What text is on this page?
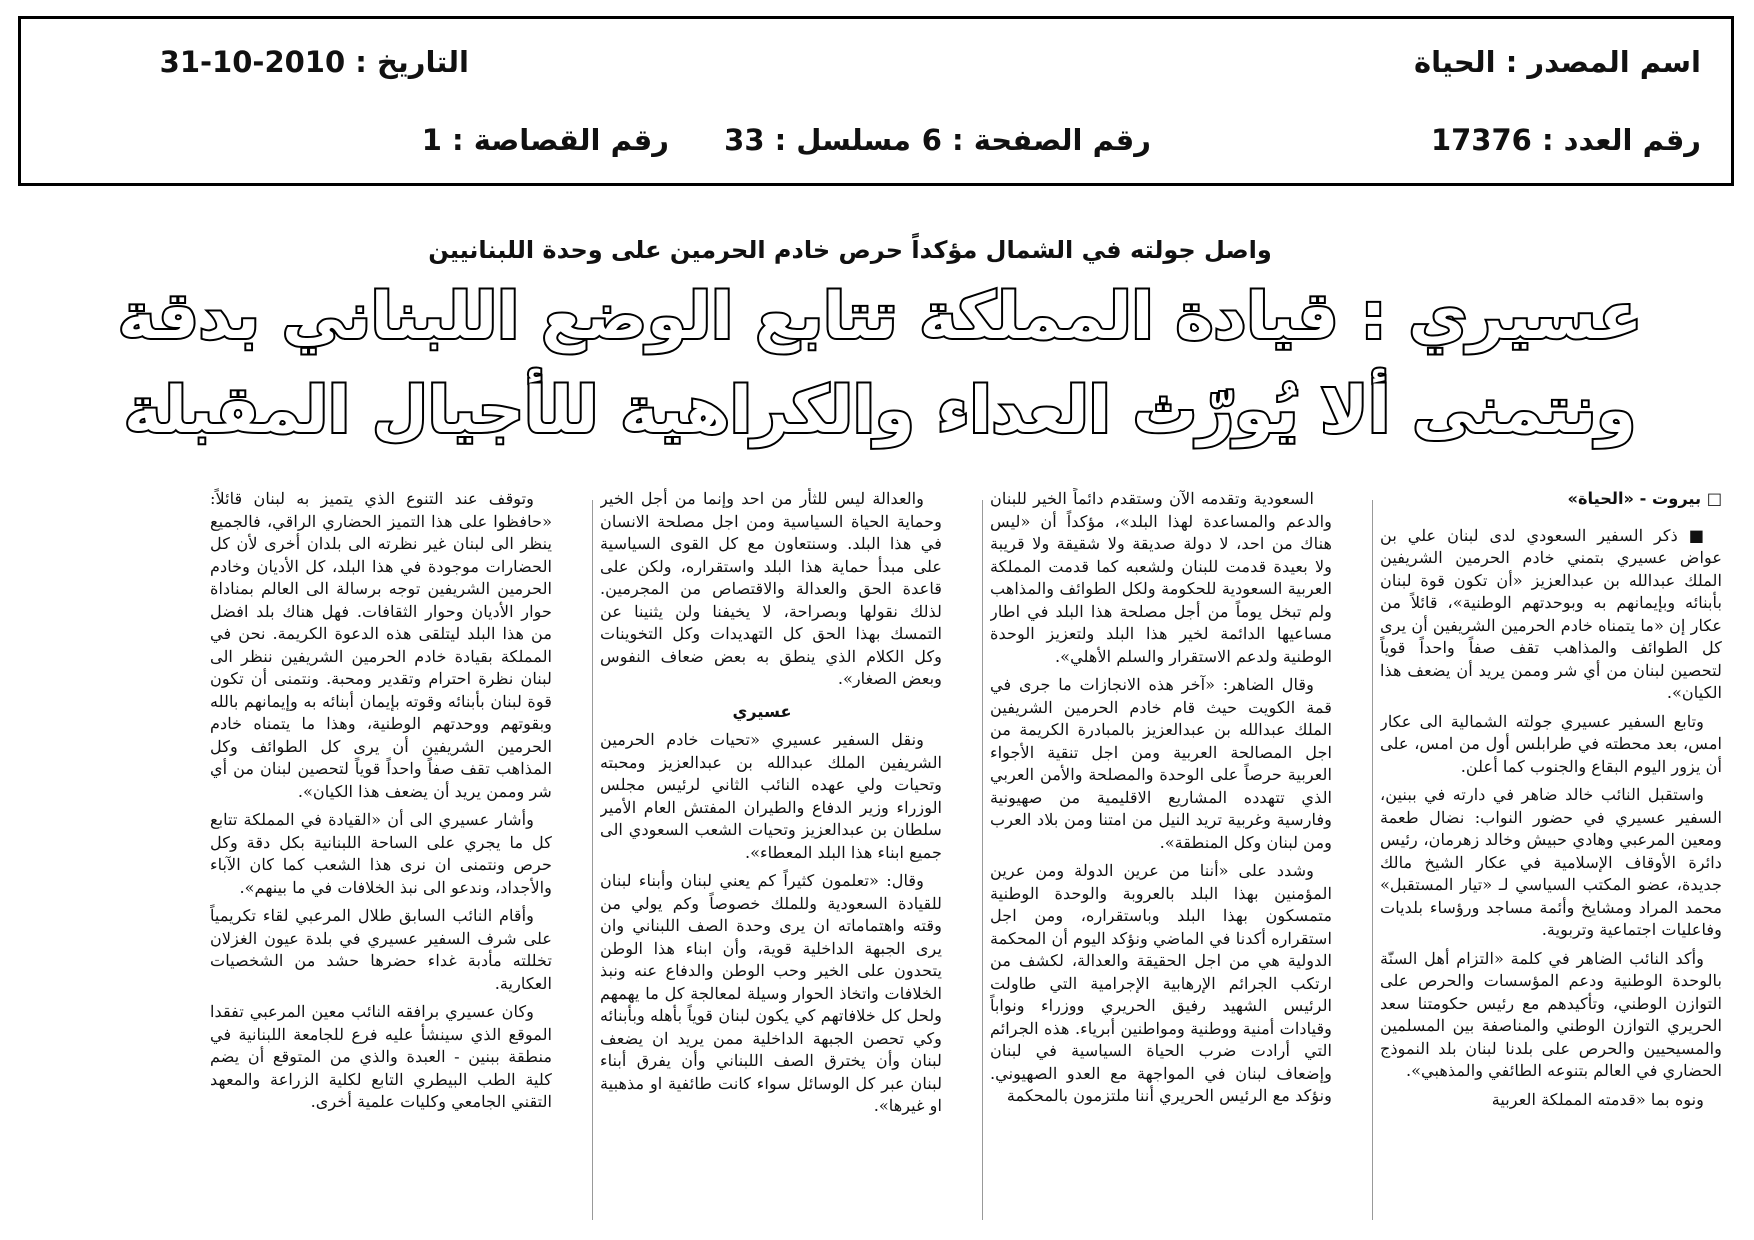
اسم المصدر : الحياة
التاريخ : 31-10-2010
رقم العدد : 17376
رقم الصفحة : 6
مسلسل : 33
رقم القصاصة : 1
واصل جولته في الشمال مؤكداً حرص خادم الحرمين على وحدة اللبنانيين
عسيري : قيادة المملكة تتابع الوضع اللبناني بدقة
ونتمنى ألا يُورّث العداء والكراهية للأجيال المقبلة

□ بيروت - «الحياة»

■ ذكر السفير السعودي لدى لبنان علي بن عواض عسيري بتمني خادم الحرمين الشريفين الملك عبدالله بن عبدالعزيز «أن تكون قوة لبنان بأبنائه وبإيمانهم به وبوحدتهم الوطنية»، قائلاً من عكار إن «ما يتمناه خادم الحرمين الشريفين أن يرى كل الطوائف والمذاهب تقف صفاً واحداً قوياً لتحصين لبنان من أي شر وممن يريد أن يضعف هذا الكيان».

وتابع السفير عسيري جولته الشمالية الى عكار امس، بعد محطته في طرابلس أول من امس، على أن يزور اليوم البقاع والجنوب كما أعلن.

واستقبل النائب خالد ضاهر في دارته في ببنين، السفير عسيري في حضور النواب: نضال طعمة ومعين المرعبي وهادي حبيش وخالد زهرمان، رئيس دائرة الأوقاف الإسلامية في عكار الشيخ مالك جديدة، عضو المكتب السياسي لـ «تيار المستقبل» محمد المراد ومشايخ وأئمة مساجد ورؤساء بلديات وفاعليات اجتماعية وتربوية.

وأكد النائب الضاهر في كلمة «التزام أهل السنّة بالوحدة الوطنية ودعم المؤسسات والحرص على التوازن الوطني، وتأكيدهم مع رئيس حكومتنا سعد الحريري التوازن الوطني والمناصفة بين المسلمين والمسيحيين والحرص على بلدنا لبنان بلد النموذج الحضاري في العالم بتنوعه الطائفي والمذهبي».

ونوه بما «قدمته المملكة العربية

السعودية وتقدمه الآن وستقدم دائماً الخير للبنان والدعم والمساعدة لهذا البلد»، مؤكداً أن «ليس هناك من احد، لا دولة صديقة ولا شقيقة ولا قريبة ولا بعيدة قدمت للبنان ولشعبه كما قدمت المملكة العربية السعودية للحكومة ولكل الطوائف والمذاهب ولم تبخل يوماً من أجل مصلحة هذا البلد في اطار مساعيها الدائمة لخير هذا البلد ولتعزيز الوحدة الوطنية ولدعم الاستقرار والسلم الأهلي».

وقال الضاهر: «آخر هذه الانجازات ما جرى في قمة الكويت حيث قام خادم الحرمين الشريفين الملك عبدالله بن عبدالعزيز بالمبادرة الكريمة من اجل المصالحة العربية ومن اجل تنقية الأجواء العربية حرصاً على الوحدة والمصلحة والأمن العربي الذي تتهدده المشاريع الاقليمية من صهيونية وفارسية وغربية تريد النيل من امتنا ومن بلاد العرب ومن لبنان وكل المنطقة».

وشدد على «أننا من عرين الدولة ومن عرين المؤمنين بهذا البلد بالعروبة والوحدة الوطنية متمسكون بهذا البلد وباستقراره، ومن اجل استقراره أكدنا في الماضي ونؤكد اليوم أن المحكمة الدولية هي من اجل الحقيقة والعدالة، لكشف من ارتكب الجرائم الإرهابية الإجرامية التي طاولت الرئيس الشهيد رفيق الحريري ووزراء ونواباً وقيادات أمنية ووطنية ومواطنين أبرياء. هذه الجرائم التي أرادت ضرب الحياة السياسية في لبنان وإضعاف لبنان في المواجهة مع العدو الصهيوني. ونؤكد مع الرئيس الحريري أننا ملتزمون بالمحكمة

والعدالة ليس للثأر من احد وإنما من أجل الخير وحماية الحياة السياسية ومن اجل مصلحة الانسان في هذا البلد. وسنتعاون مع كل القوى السياسية على مبدأ حماية هذا البلد واستقراره، ولكن على قاعدة الحق والعدالة والاقتصاص من المجرمين. لذلك نقولها وبصراحة، لا يخيفنا ولن يثنينا عن التمسك بهذا الحق كل التهديدات وكل التخوينات وكل الكلام الذي ينطق به بعض ضعاف النفوس وبعض الصغار».

عسيري

ونقل السفير عسيري «تحيات خادم الحرمين الشريفين الملك عبدالله بن عبدالعزيز ومحبته وتحيات ولي عهده النائب الثاني لرئيس مجلس الوزراء وزير الدفاع والطيران المفتش العام الأمير سلطان بن عبدالعزيز وتحيات الشعب السعودي الى جميع ابناء هذا البلد المعطاء».

وقال: «تعلمون كثيراً كم يعني لبنان وأبناء لبنان للقيادة السعودية وللملك خصوصاً وكم يولي من وقته واهتماماته ان يرى وحدة الصف اللبناني وان يرى الجبهة الداخلية قوية، وأن ابناء هذا الوطن يتحدون على الخير وحب الوطن والدفاع عنه ونبذ الخلافات واتخاذ الحوار وسيلة لمعالجة كل ما يهمهم ولحل كل خلافاتهم كي يكون لبنان قوياً بأهله وبأبنائه وكي تحصن الجبهة الداخلية ممن يريد ان يضعف لبنان وأن يخترق الصف اللبناني وأن يفرق أبناء لبنان عبر كل الوسائل سواء كانت طائفية او مذهبية او غيرها».

وتوقف عند التنوع الذي يتميز به لبنان قائلاً: «حافظوا على هذا التميز الحضاري الراقي، فالجميع ينظر الى لبنان غير نظرته الى بلدان أخرى لأن كل الحضارات موجودة في هذا البلد، كل الأديان وخادم الحرمين الشريفين توجه برسالة الى العالم بمناداة حوار الأديان وحوار الثقافات. فهل هناك بلد افضل من هذا البلد ليتلقى هذه الدعوة الكريمة. نحن في المملكة بقيادة خادم الحرمين الشريفين ننظر الى لبنان نظرة احترام وتقدير ومحبة. ونتمنى أن تكون قوة لبنان بأبنائه وقوته بإيمان أبنائه به وإيمانهم بالله وبقوتهم ووحدتهم الوطنية، وهذا ما يتمناه خادم الحرمين الشريفين أن يرى كل الطوائف وكل المذاهب تقف صفاً واحداً قوياً لتحصين لبنان من أي شر وممن يريد أن يضعف هذا الكيان».

وأشار عسيري الى أن «القيادة في المملكة تتابع كل ما يجري على الساحة اللبنانية بكل دقة وكل حرص ونتمنى ان نرى هذا الشعب كما كان الآباء والأجداد، وندعو الى نبذ الخلافات في ما بينهم».

وأقام النائب السابق طلال المرعبي لقاء تكريمياً على شرف السفير عسيري في بلدة عيون الغزلان تخللته مأدبة غداء حضرها حشد من الشخصيات العكارية.

وكان عسيري برافقه النائب معين المرعبي تفقدا الموقع الذي سينشأ عليه فرع للجامعة اللبنانية في منطقة ببنين - العبدة والذي من المتوقع أن يضم كلية الطب البيطري التابع لكلية الزراعة والمعهد التقني الجامعي وكليات علمية أخرى.
